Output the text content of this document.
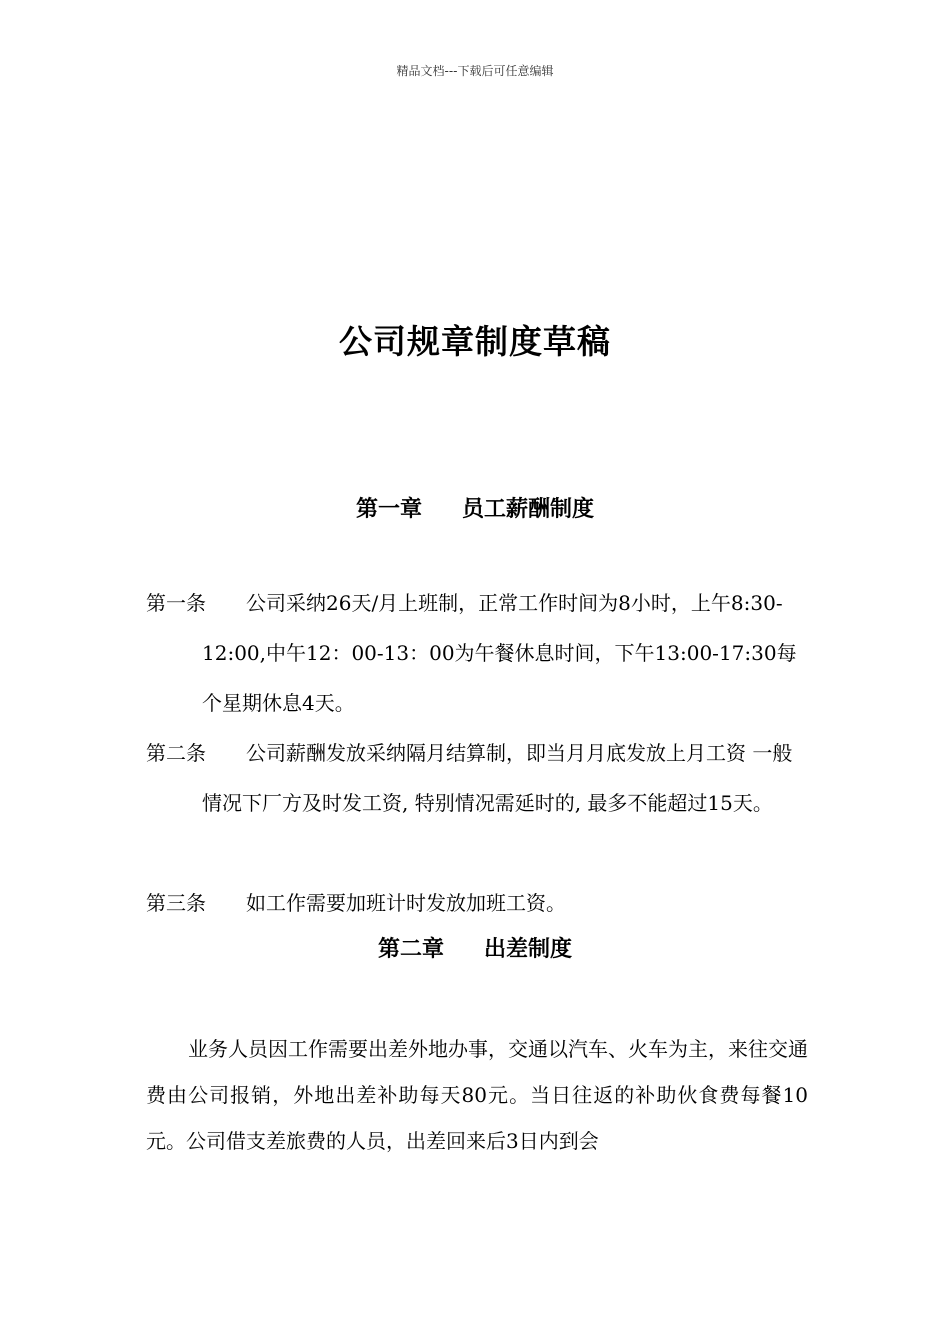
精品文档---下载后可任意编辑
公司规章制度草稿
第一章 员工薪酬制度
第一条	公司采纳26天/月上班制，正常工作时间为8小时，上午8:30-12:00,中午12：00-13：00为午餐休息时间，下午13:00-17:30每个星期休息4天。
第二条	公司薪酬发放采纳隔月结算制，即当月月底发放上月工资 一般情况下厂方及时发工资, 特别情况需延时的, 最多不能超过15天。
第三条	如工作需要加班计时发放加班工资。
第二章 出差制度
业务人员因工作需要出差外地办事，交通以汽车、火车为主，来往交通费由公司报销，外地出差补助每天80元。当日往返的补助伙食费每餐10元。公司借支差旅费的人员，出差回来后3日内到会
